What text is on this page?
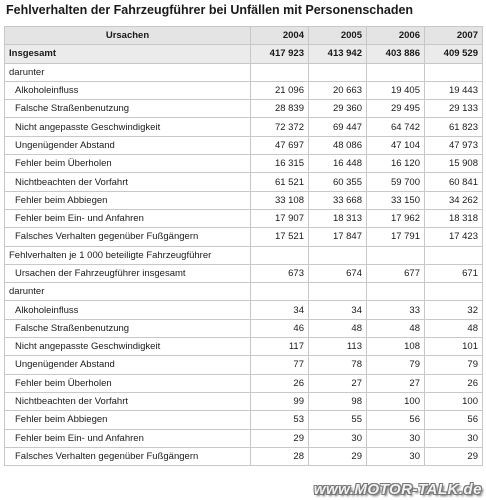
Fehlverhalten der Fahrzeugführer bei Unfällen mit Personenschaden
Ursachen	2004	2005	2006	2007
Insgesamt	417 923	413 942	403 886	409 529
darunter				
Alkoholeinfluss	21 096	20 663	19 405	19 443
Falsche Straßenbenutzung	28 839	29 360	29 495	29 133
Nicht angepasste Geschwindigkeit	72 372	69 447	64 742	61 823
Ungenügender Abstand	47 697	48 086	47 104	47 973
Fehler beim Überholen	16 315	16 448	16 120	15 908
Nichtbeachten der Vorfahrt	61 521	60 355	59 700	60 841
Fehler beim Abbiegen	33 108	33 668	33 150	34 262
Fehler beim Ein- und Anfahren	17 907	18 313	17 962	18 318
Falsches Verhalten gegenüber Fußgängern	17 521	17 847	17 791	17 423
Fehlverhalten je 1 000 beteiligte Fahrzeugführer				
Ursachen der Fahrzeugführer insgesamt	673	674	677	671
darunter				
Alkoholeinfluss	34	34	33	32
Falsche Straßenbenutzung	46	48	48	48
Nicht angepasste Geschwindigkeit	117	113	108	101
Ungenügender Abstand	77	78	79	79
Fehler beim Überholen	26	27	27	26
Nichtbeachten der Vorfahrt	99	98	100	100
Fehler beim Abbiegen	53	55	56	56
Fehler beim Ein- und Anfahren	29	30	30	30
Falsches Verhalten gegenüber Fußgängern	28	29	30	29
www.MOTOR-TALK.de
